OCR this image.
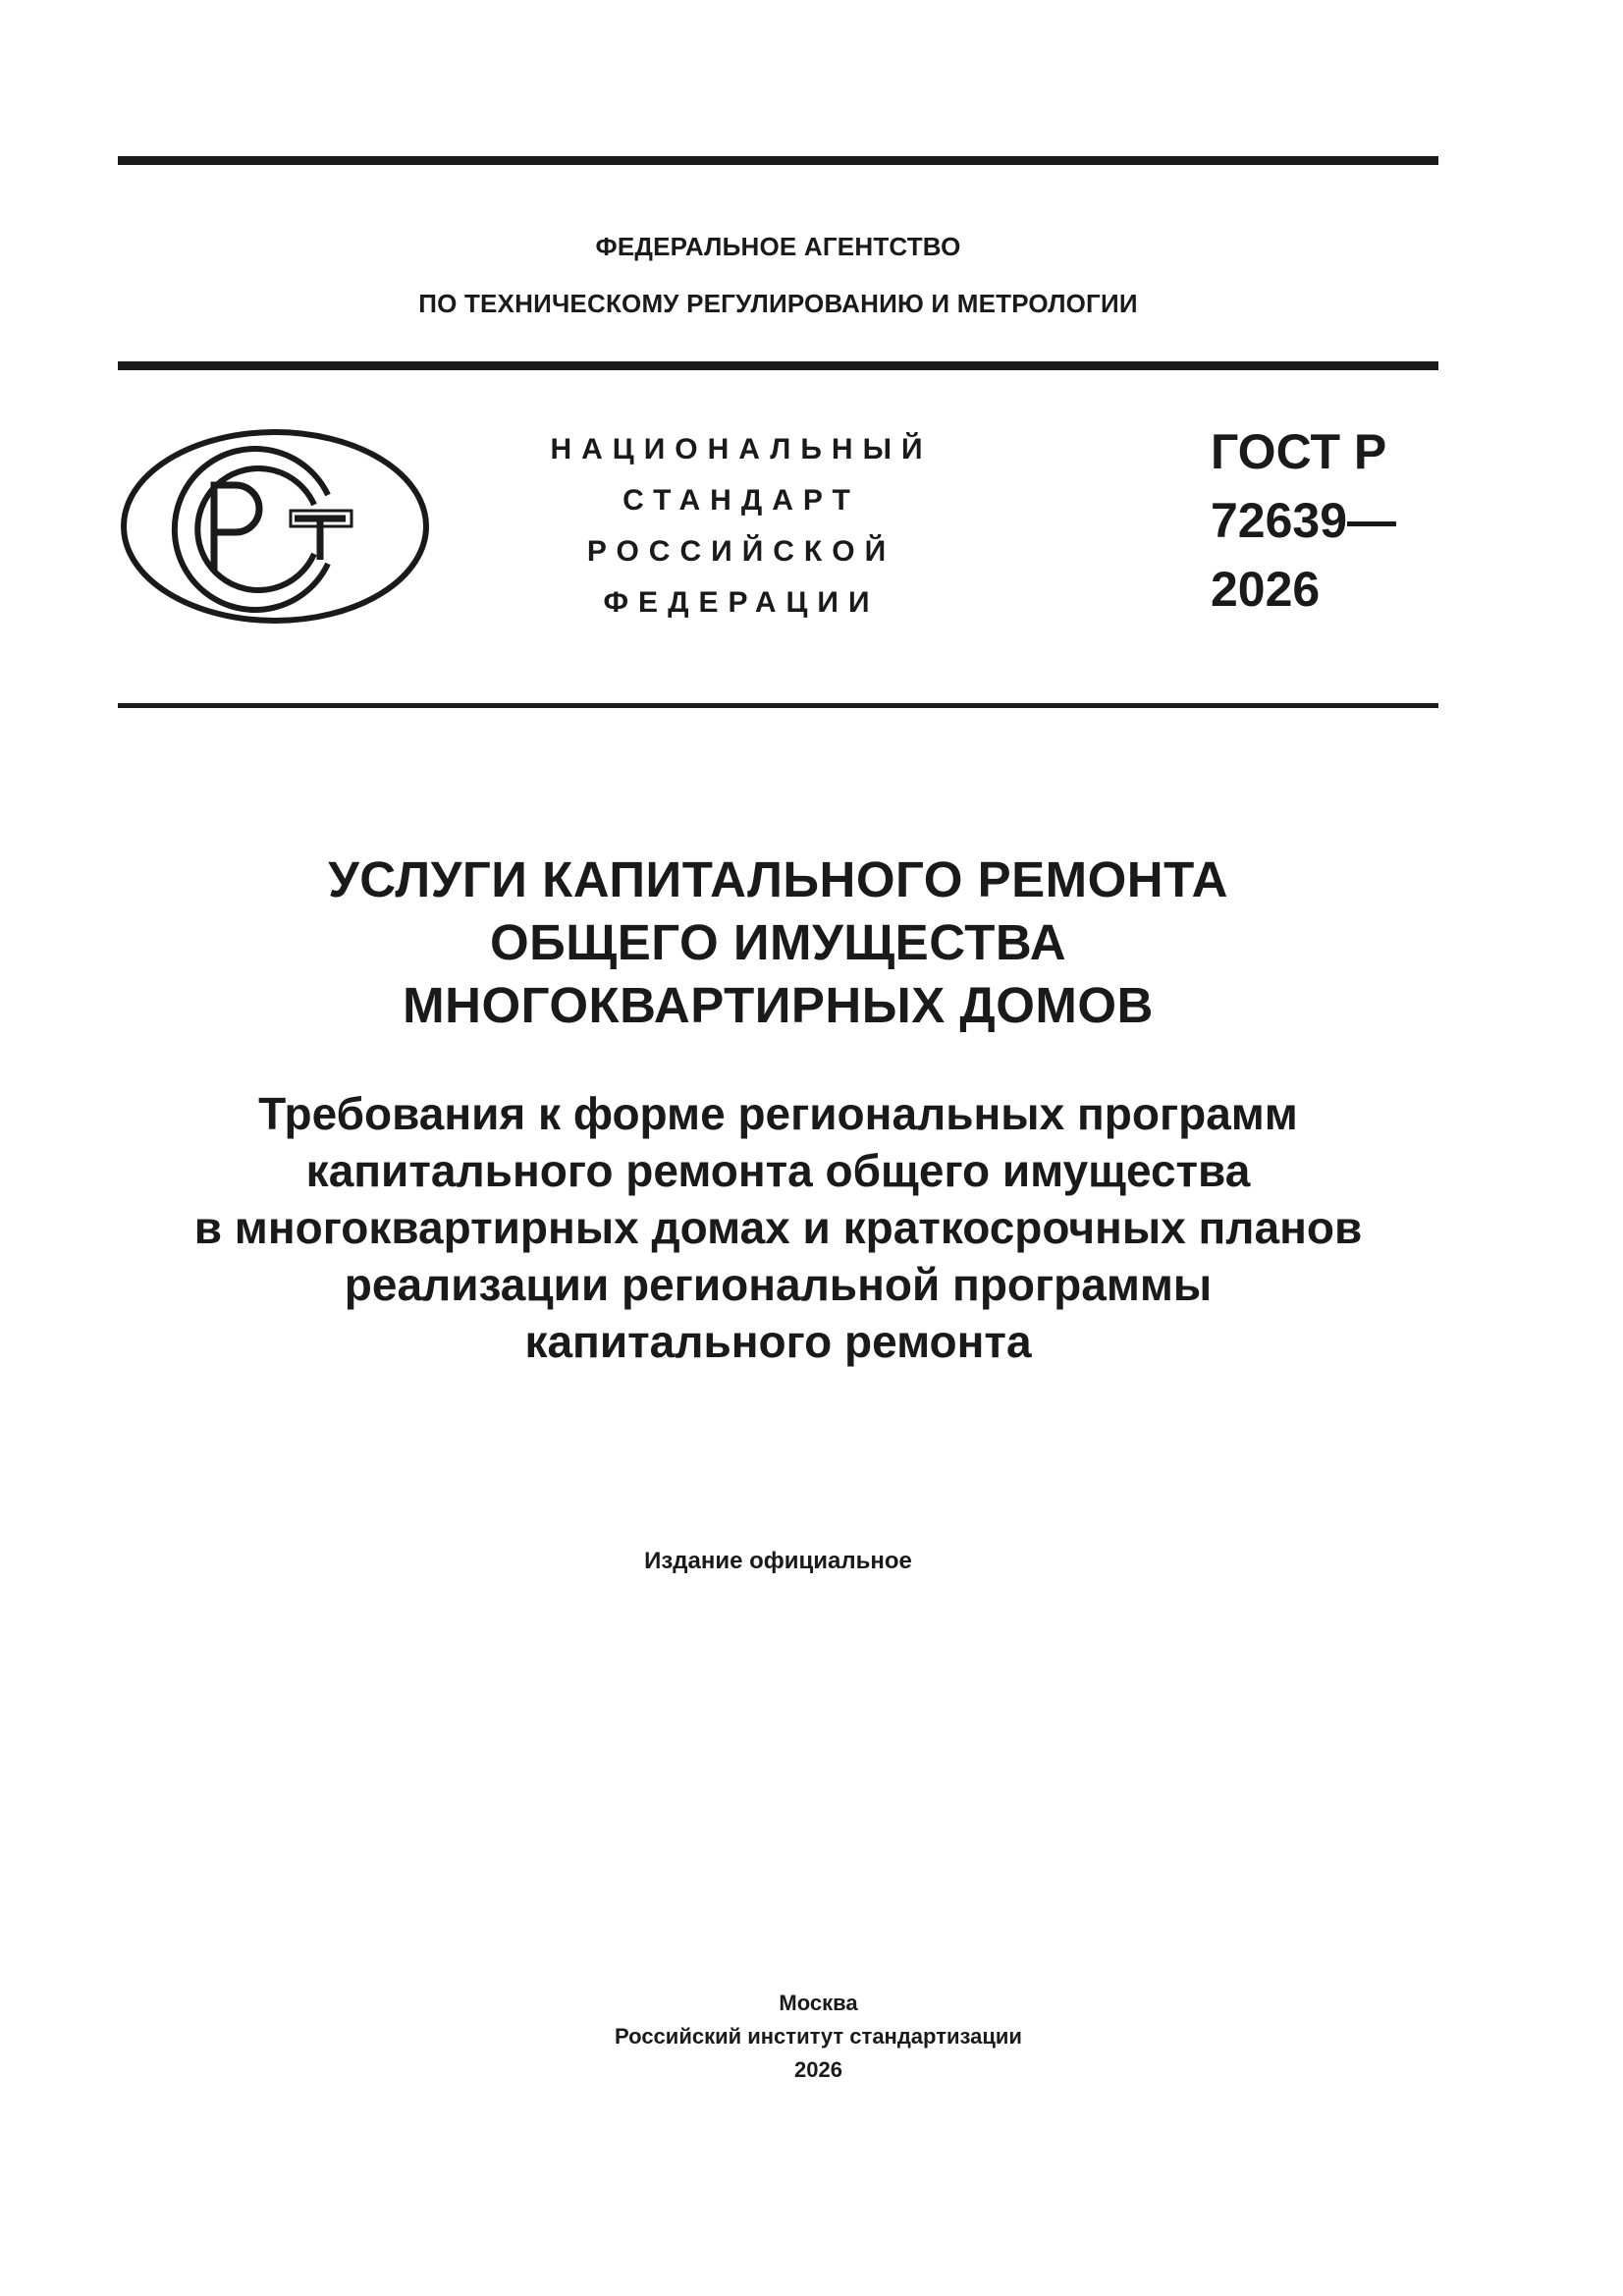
ФЕДЕРАЛЬНОЕ АГЕНТСТВО
ПО ТЕХНИЧЕСКОМУ РЕГУЛИРОВАНИЮ И МЕТРОЛОГИИ
НАЦИОНАЛЬНЫЙ
СТАНДАРТ
РОССИЙСКОЙ
ФЕДЕРАЦИИ
ГОСТ Р
72639—
2026
УСЛУГИ КАПИТАЛЬНОГО РЕМОНТА
ОБЩЕГО ИМУЩЕСТВА
МНОГОКВАРТИРНЫХ ДОМОВ
Требования к форме региональных программ
капитального ремонта общего имущества
в многоквартирных домах и краткосрочных планов
реализации региональной программы
капитального ремонта
Издание официальное
Москва
Российский институт стандартизации
2026
